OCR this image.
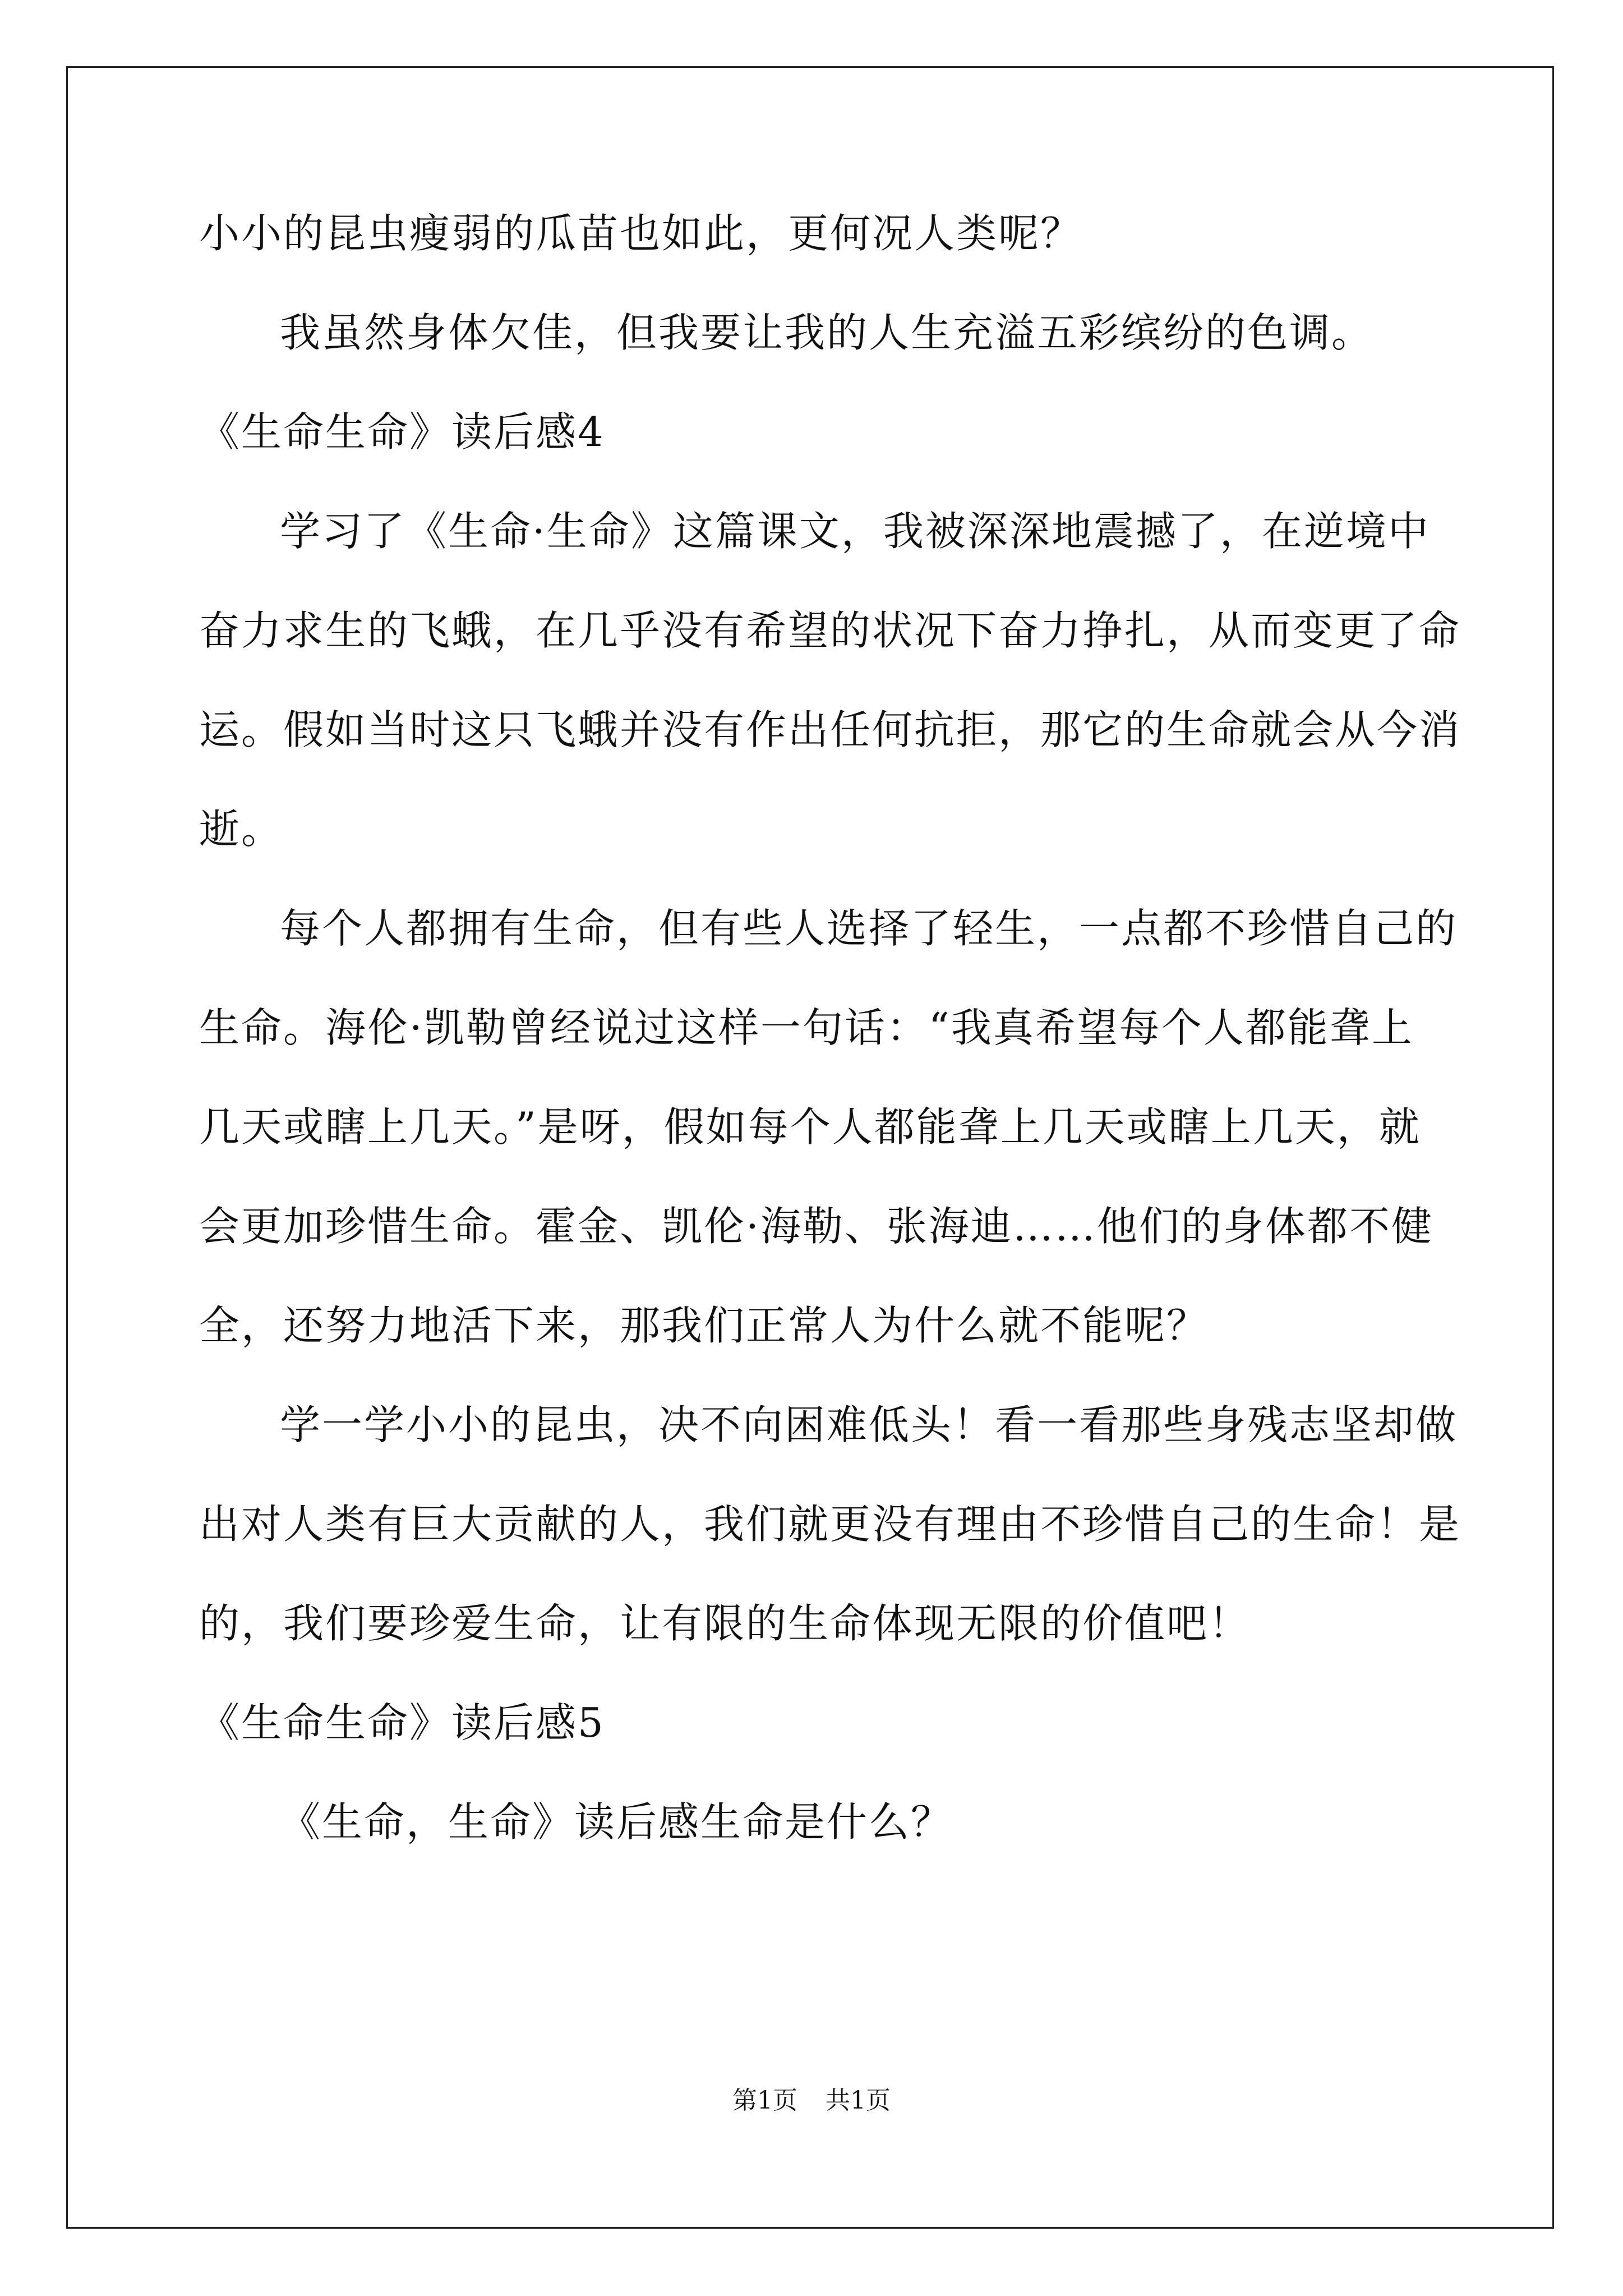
小小的昆虫瘦弱的瓜苗也如此，更何况人类呢？
我虽然身体欠佳，但我要让我的人生充溢五彩缤纷的色调。
《生命生命》读后感4
学习了《生命·生命》这篇课文，我被深深地震撼了，在逆境中
奋力求生的飞蛾，在几乎没有希望的状况下奋力挣扎，从而变更了命
运。假如当时这只飞蛾并没有作出任何抗拒，那它的生命就会从今消
逝。
每个人都拥有生命，但有些人选择了轻生，一点都不珍惜自己的
生命。海伦·凯勒曾经说过这样一句话：“我真希望每个人都能聋上
几天或瞎上几天。”是呀，假如每个人都能聋上几天或瞎上几天，就
会更加珍惜生命。霍金、凯伦·海勒、张海迪……他们的身体都不健
全，还努力地活下来，那我们正常人为什么就不能呢？
学一学小小的昆虫，决不向困难低头！看一看那些身残志坚却做
出对人类有巨大贡献的人，我们就更没有理由不珍惜自己的生命！是
的，我们要珍爱生命，让有限的生命体现无限的价值吧！
《生命生命》读后感5
《生命，生命》读后感生命是什么？
第1页 共1页
